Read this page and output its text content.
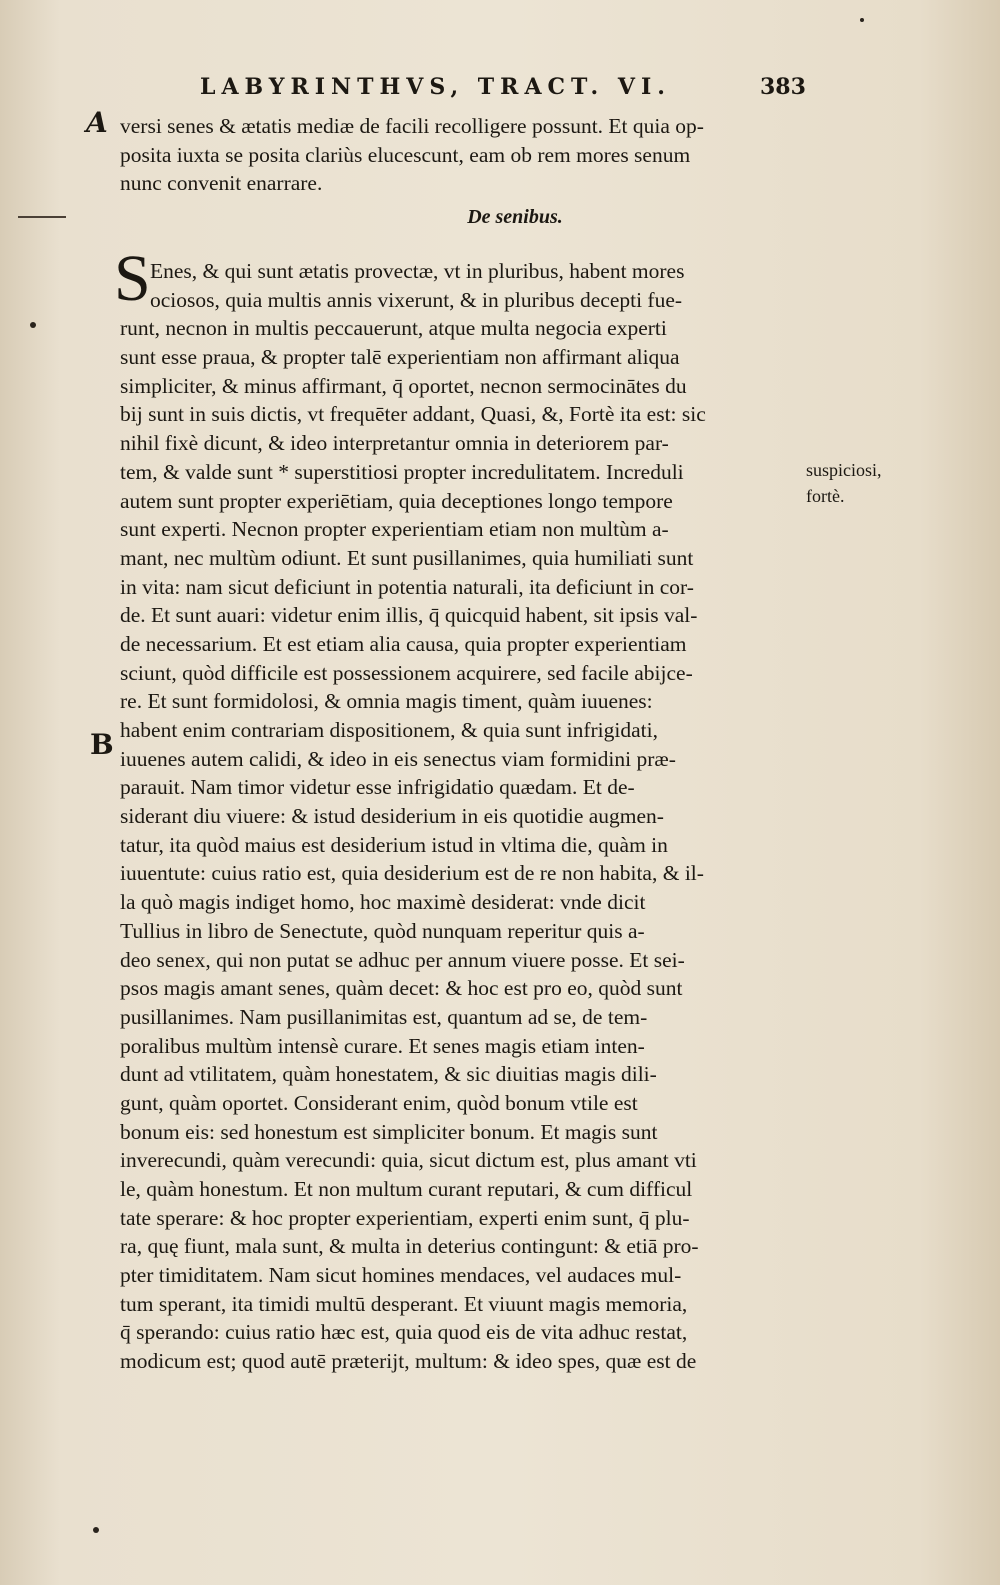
LABYRINTHVS, TRACT. VI.	383
A
B
versi senes & ætatis mediæ de facili recolligere possunt. Et quia op-
posita iuxta se posita clariùs elucescunt, eam ob rem mores senum
nunc convenit enarrare.
De senibus.
S Enes, & qui sunt ætatis provectæ, vt in pluribus, habent mores
ociosos, quia multis annis vixerunt, & in pluribus decepti fue-
runt, necnon in multis peccauerunt, atque multa negocia experti
sunt esse praua, & propter talē experientiam non affirmant aliqua
simpliciter, & minus affirmant, q̄ oportet, necnon sermocinātes du
bij sunt in suis dictis, vt frequēter addant, Quasi, &, Fortè ita est: sic
nihil fixè dicunt, & ideo interpretantur omnia in deteriorem par-
tem, & valde sunt * superstitiosi propter incredulitatem. Increduli
autem sunt propter experiētiam, quia deceptiones longo tempore
sunt experti. Necnon propter experientiam etiam non multùm a-
mant, nec multùm odiunt. Et sunt pusillanimes, quia humiliati sunt
in vita: nam sicut deficiunt in potentia naturali, ita deficiunt in cor-
de. Et sunt auari: videtur enim illis, q̄ quicquid habent, sit ipsis val-
de necessarium. Et est etiam alia causa, quia propter experientiam
sciunt, quòd difficile est possessionem acquirere, sed facile abijce-
re. Et sunt formidolosi, & omnia magis timent, quàm iuuenes:
habent enim contrariam dispositionem, & quia sunt infrigidati,
iuuenes autem calidi, & ideo in eis senectus viam formidini præ-
parauit. Nam timor videtur esse infrigidatio quædam. Et de-
siderant diu viuere: & istud desiderium in eis quotidie augmen-
tatur, ita quòd maius est desiderium istud in vltima die, quàm in
iuuentute: cuius ratio est, quia desiderium est de re non habita, & il-
la quò magis indiget homo, hoc maximè desiderat: vnde dicit
Tullius in libro de Senectute, quòd nunquam reperitur quis a-
deo senex, qui non putat se adhuc per annum viuere posse. Et sei-
psos magis amant senes, quàm decet: & hoc est pro eo, quòd sunt
pusillanimes. Nam pusillanimitas est, quantum ad se, de tem-
poralibus multùm intensè curare. Et senes magis etiam inten-
dunt ad vtilitatem, quàm honestatem, & sic diuitias magis dili-
gunt, quàm oportet. Considerant enim, quòd bonum vtile est
bonum eis: sed honestum est simpliciter bonum. Et magis sunt
inverecundi, quàm verecundi: quia, sicut dictum est, plus amant vti
le, quàm honestum. Et non multum curant reputari, & cum difficul
tate sperare: & hoc propter experientiam, experti enim sunt, q̄ plu-
ra, quę fiunt, mala sunt, & multa in deterius contingunt: & etiā pro-
pter timiditatem. Nam sicut homines mendaces, vel audaces mul-
tum sperant, ita timidi multū desperant. Et viuunt magis memoria,
q̄ sperando: cuius ratio hæc est, quia quod eis de vita adhuc restat,
modicum est; quod autē præterijt, multum: & ideo spes, quæ est de
suspiciosi,
fortè.
